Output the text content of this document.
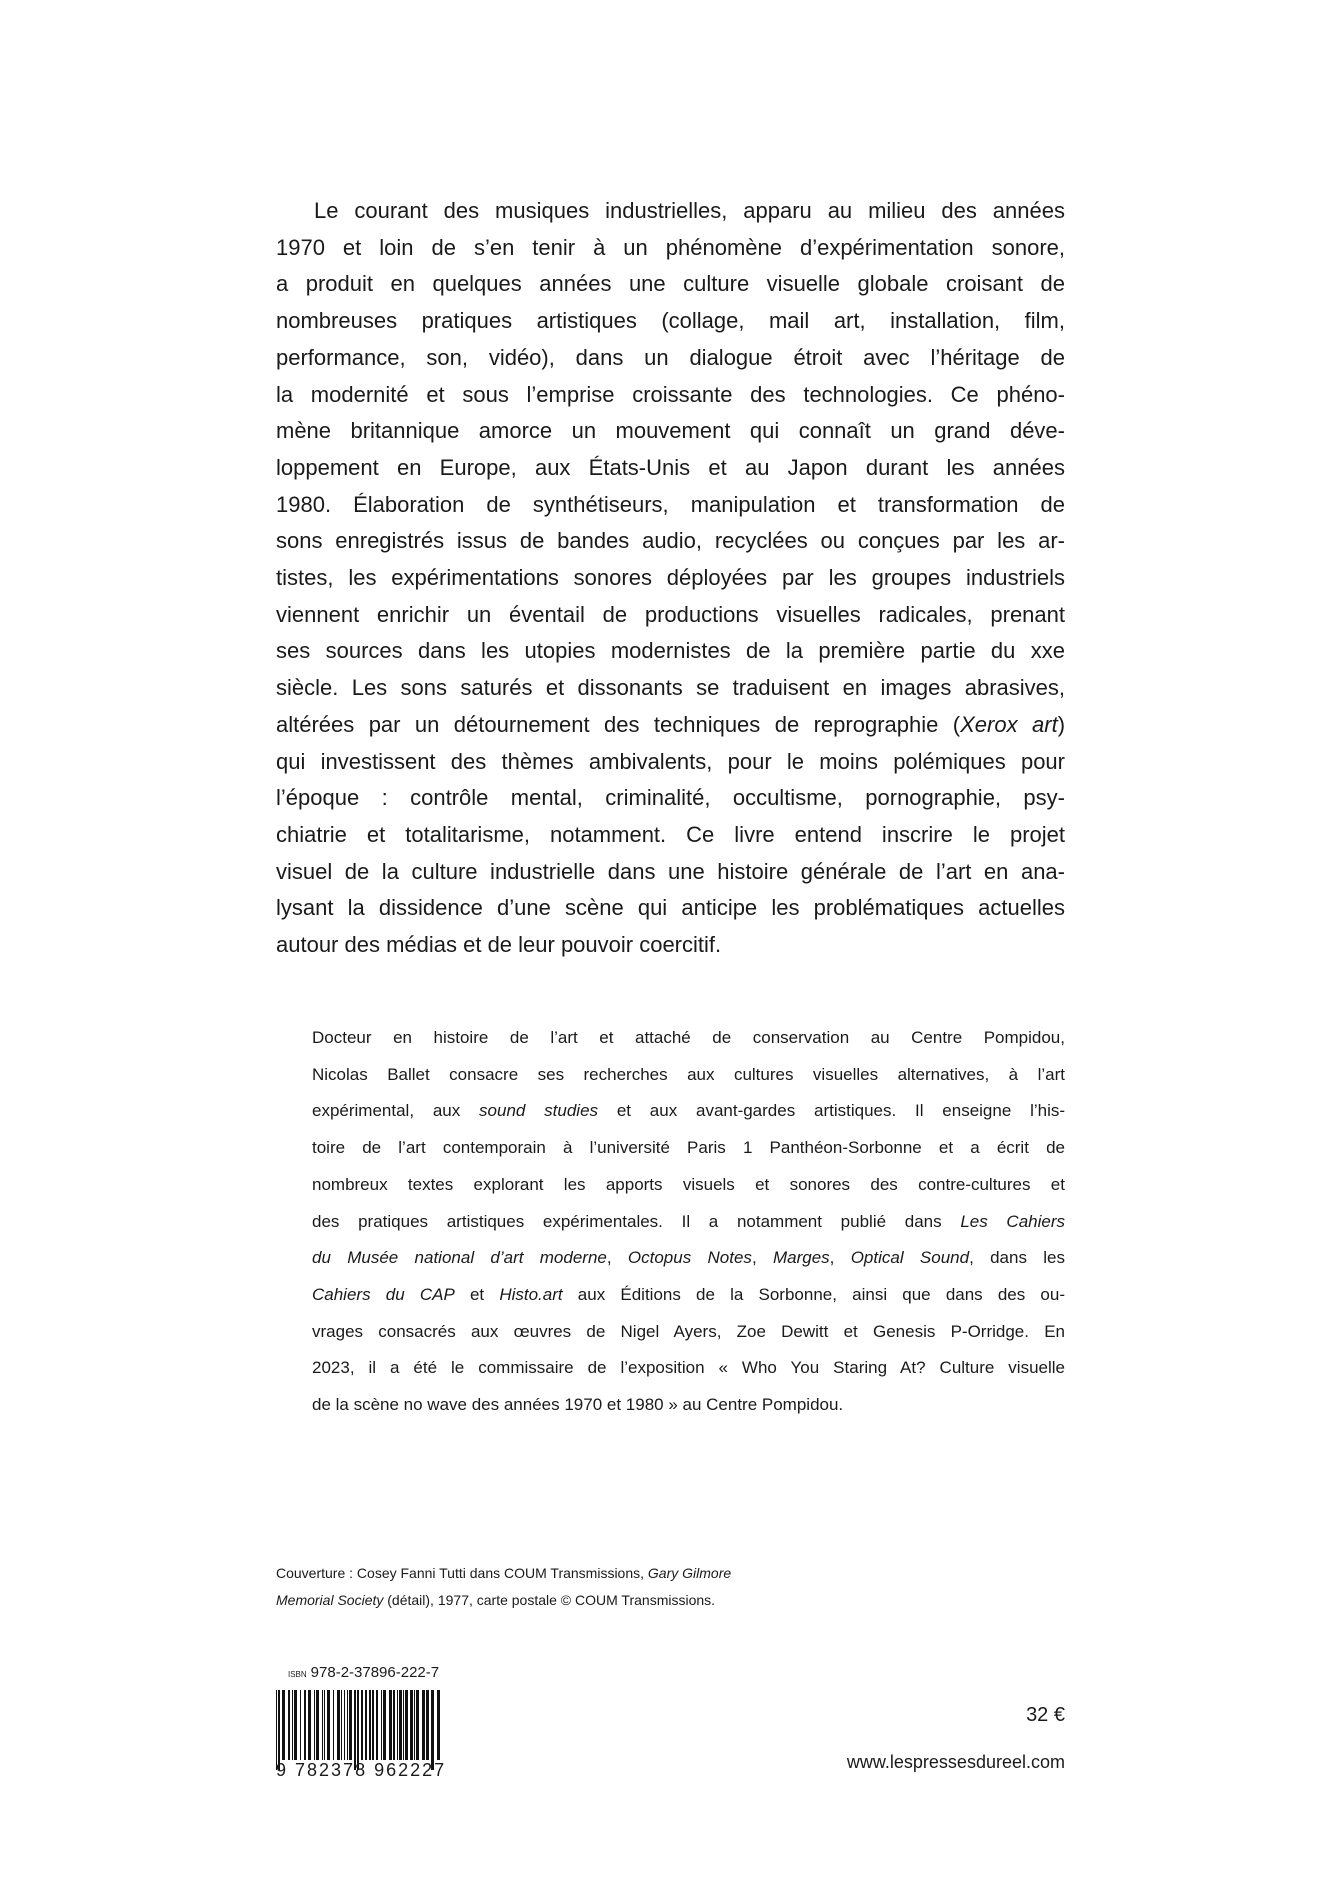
Le courant des musiques industrielles, apparu au milieu des années
1970 et loin de s’en tenir à un phénomène d’expérimentation sonore,
a produit en quelques années une culture visuelle globale croisant de
nombreuses pratiques artistiques (collage, mail art, installation, film,
performance, son, vidéo), dans un dialogue étroit avec l’héritage de
la modernité et sous l’emprise croissante des technologies. Ce phéno-
mène britannique amorce un mouvement qui connaît un grand déve-
loppement en Europe, aux États-Unis et au Japon durant les années
1980. Élaboration de synthétiseurs, manipulation et transformation de
sons enregistrés issus de bandes audio, recyclées ou conçues par les ar-
tistes, les expérimentations sonores déployées par les groupes industriels
viennent enrichir un éventail de productions visuelles radicales, prenant
ses sources dans les utopies modernistes de la première partie du xxe
siècle. Les sons saturés et dissonants se traduisent en images abrasives,
altérées par un détournement des techniques de reprographie (Xerox art)
qui investissent des thèmes ambivalents, pour le moins polémiques pour
l’époque : contrôle mental, criminalité, occultisme, pornographie, psy-
chiatrie et totalitarisme, notamment. Ce livre entend inscrire le projet
visuel de la culture industrielle dans une histoire générale de l’art en ana-
lysant la dissidence d’une scène qui anticipe les problématiques actuelles
autour des médias et de leur pouvoir coercitif.
Docteur en histoire de l’art et attaché de conservation au Centre Pompidou,
Nicolas Ballet consacre ses recherches aux cultures visuelles alternatives, à l’art
expérimental, aux sound studies et aux avant-gardes artistiques. Il enseigne l’his-
toire de l’art contemporain à l’université Paris 1 Panthéon-Sorbonne et a écrit de
nombreux textes explorant les apports visuels et sonores des contre-cultures et
des pratiques artistiques expérimentales. Il a notamment publié dans Les Cahiers
du Musée national d’art moderne, Octopus Notes, Marges, Optical Sound, dans les
Cahiers du CAP et Histo.art aux Éditions de la Sorbonne, ainsi que dans des ou-
vrages consacrés aux œuvres de Nigel Ayers, Zoe Dewitt et Genesis P-Orridge. En
2023, il a été le commissaire de l’exposition « Who You Staring At? Culture visuelle
de la scène no wave des années 1970 et 1980 » au Centre Pompidou.
Couverture : Cosey Fanni Tutti dans COUM Transmissions, Gary Gilmore
Memorial Society (détail), 1977, carte postale © COUM Transmissions.
ISBN 978-2-37896-222-7
9 782378 962227
32 €
www.lespressesdureel.com
